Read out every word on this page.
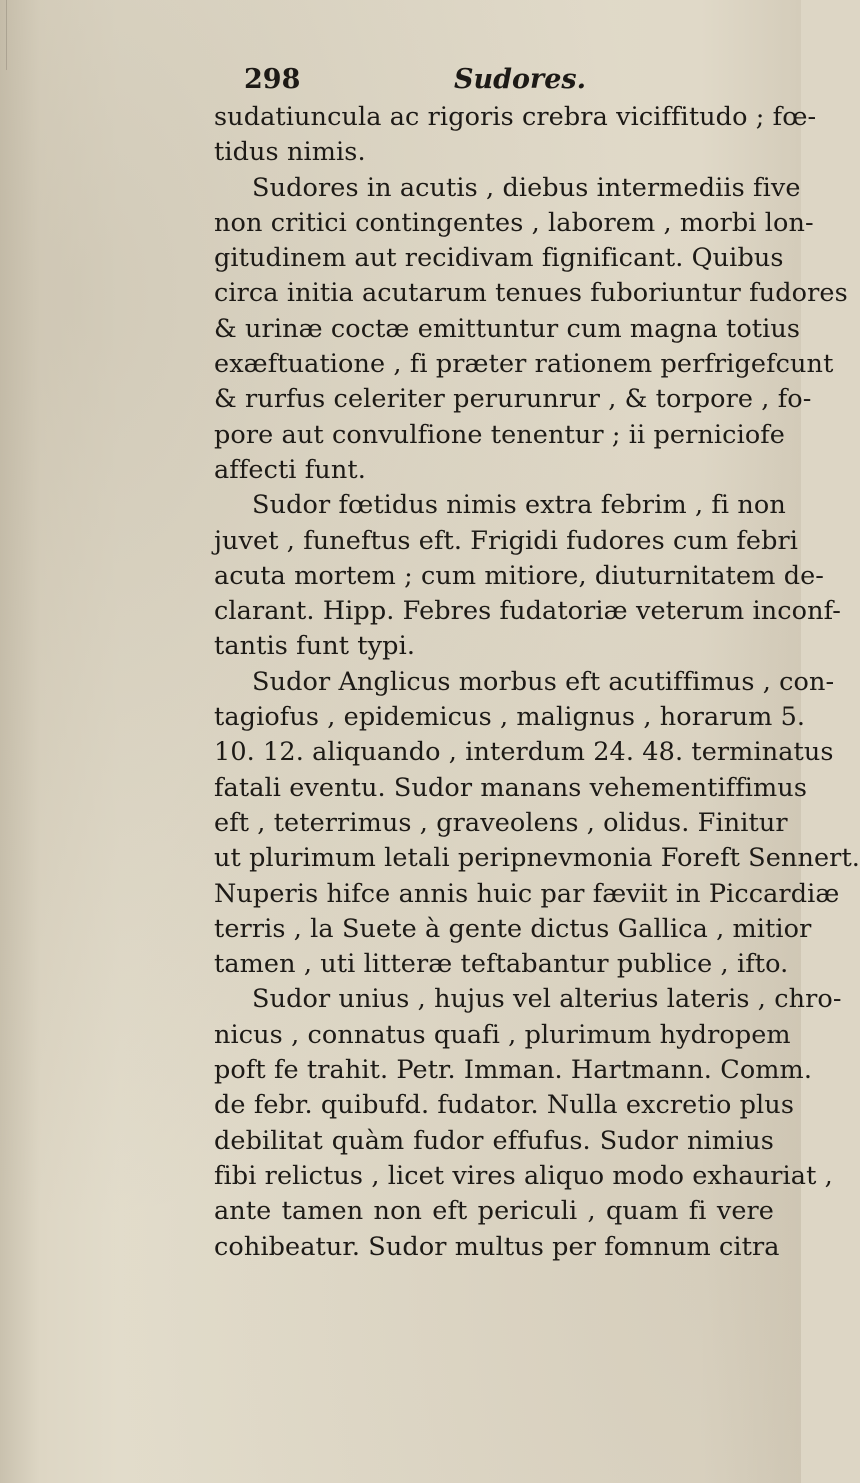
298	Sudores.
sudatiuncula ac rigoris crebra viciffitudo ; fœ-
tidus nimis.
Sudores in acutis , diebus intermediis five
non critici contingentes , laborem , morbi lon-
gitudinem aut recidivam fignificant. Quibus
circa initia acutarum tenues fuboriuntur fudores
& urinæ coctæ emittuntur cum magna totius
exæftuatione , fi præter rationem perfrigefcunt
& rurfus celeriter perurunrur , & torpore , fo-
pore aut convulfione tenentur ; ii perniciofe
affecti funt.
Sudor fœtidus nimis extra febrim , fi non
juvet , funeftus eft. Frigidi fudores cum febri
acuta mortem ; cum mitiore, diuturnitatem de-
clarant. Hipp. Febres fudatoriæ veterum inconf-
tantis funt typi.
Sudor Anglicus morbus eft acutiffimus , con-
tagiofus , epidemicus , malignus , horarum 5.
10. 12. aliquando , interdum 24. 48. terminatus
fatali eventu. Sudor manans vehementiffimus
eft , teterrimus , graveolens , olidus. Finitur
ut plurimum letali peripnevmonia Foreft Sennert.
Nuperis hifce annis huic par fæviit in Piccardiæ
terris , la Suete à gente dictus Gallica , mitior
tamen , uti litteræ teftabantur publice , ifto.
Sudor unius , hujus vel alterius lateris , chro-
nicus , connatus quafi , plurimum hydropem
poft fe trahit. Petr. Imman. Hartmann. Comm.
de febr. quibufd. fudator. Nulla excretio plus
debilitat quàm fudor effufus. Sudor nimius
fibi relictus , licet vires aliquo modo exhauriat ,
ante tamen non eft periculi , quam fi vere
cohibeatur. Sudor multus per fomnum citra
